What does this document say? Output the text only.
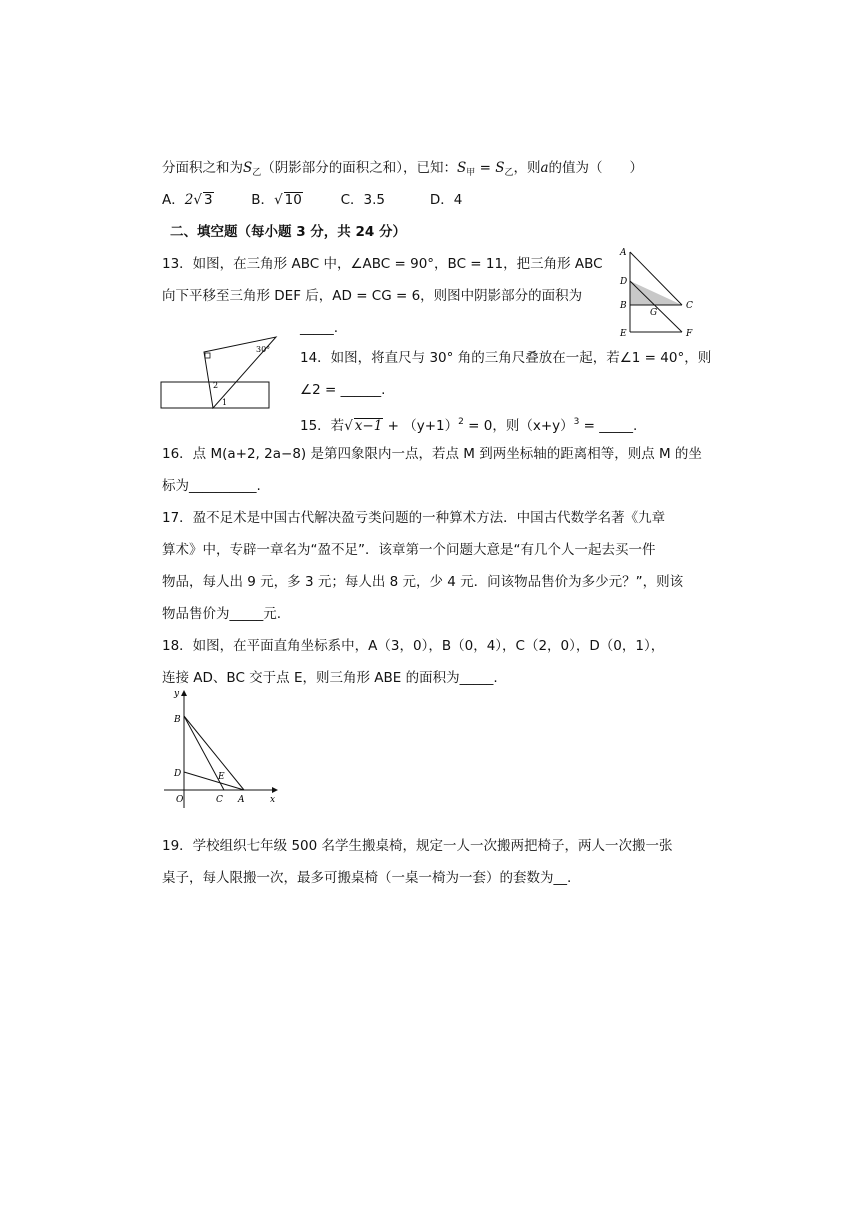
分面积之和为$S_乙$（阴影部分的面积之和），已知：$S_甲 = S_乙$，则a的值为（　　）
A．2√ 3	B．√ 10	C．3.5	D．4
二、填空题（每小题 3 分，共 24 分）
13．如图，在三角形 ABC 中，∠ABC = 90°，BC = 11，把三角形 ABC
向下平移至三角形 DEF 后，AD = CG = 6，则图中阴影部分的面积为
_____.
A
D
B	C
G
E	F
30°
2
1
14．如图，将直尺与 30° 角的三角尺叠放在一起，若∠1 = 40°，则
∠2 = ______.
15．若√ $x-1 + (y+1)^2 = 0$，则$(x+y)^3$ = _____.
16．点 M(a+2, 2a−8) 是第四象限内一点，若点 M 到两坐标轴的距离相等，则点 M 的坐
标为__________.
17．盈不足术是中国古代解决盈亏类问题的一种算术方法．中国古代数学名著《九章
算术》中，专辟一章名为“盈不足”．该章第一个问题大意是“有几个人一起去买一件
物品，每人出 9 元，多 3 元；每人出 8 元，少 4 元．问该物品售价为多少元？”，则该
物品售价为_____元.
18．如图，在平面直角坐标系中，A（3，0），B（0，4），C（2，0），D（0，1），
连接 AD、BC 交于点 E，则三角形 ABE 的面积为_____.
y
B
D	E
O	C A	x
19．学校组织七年级 500 名学生搬桌椅，规定一人一次搬两把椅子，两人一次搬一张
桌子，每人限搬一次，最多可搬桌椅（一桌一椅为一套）的套数为__.
